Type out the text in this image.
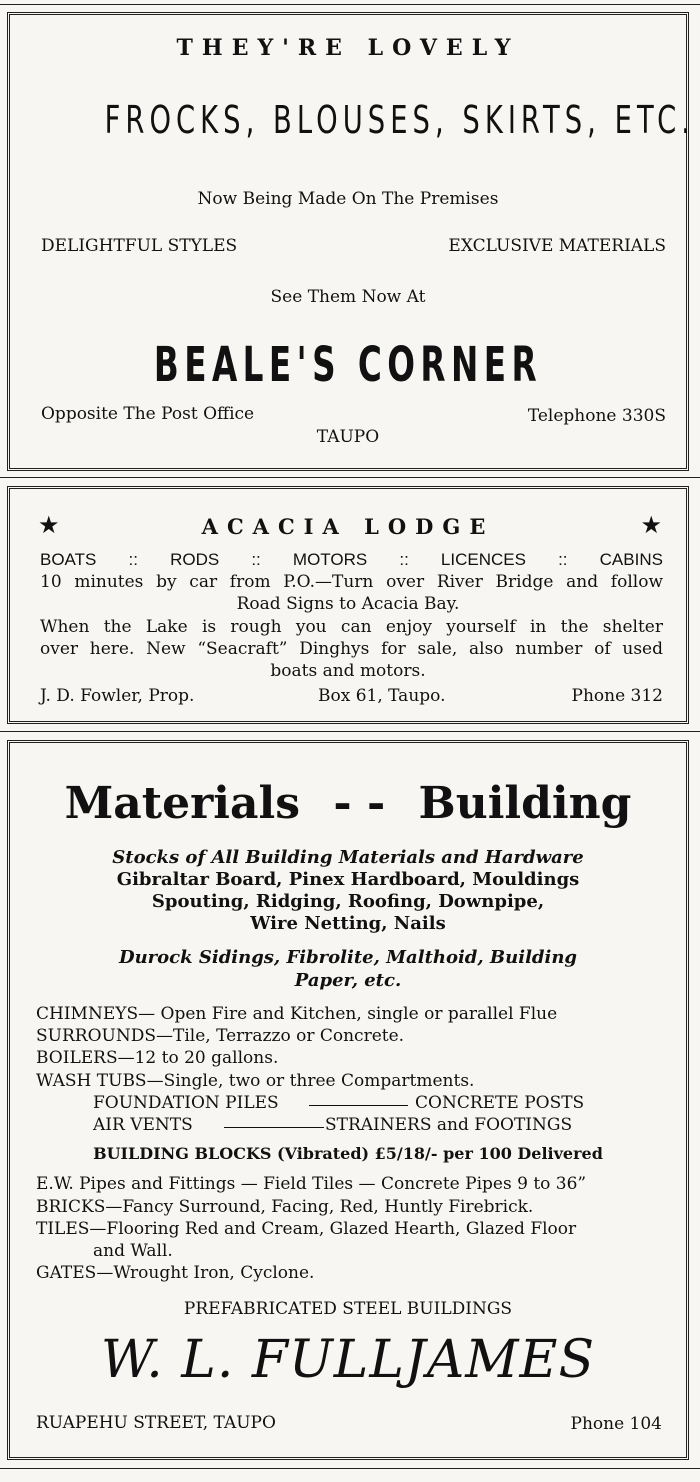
THEY'RE LOVELY
FROCKS, BLOUSES, SKIRTS, ETC.
Now Being Made On The Premises
DELIGHTFUL STYLES	EXCLUSIVE MATERIALS
See Them Now At
BEALE'S CORNER
Opposite The Post Office	Telephone 330S
TAUPO
★	ACACIA LODGE	★
BOATS :: RODS :: MOTORS :: LICENCES :: CABINS
10 minutes by car from P.O.—Turn over River Bridge and follow
Road Signs to Acacia Bay.
When the Lake is rough you can enjoy yourself in the shelter
over here. New “Seacraft” Dinghys for sale, also number of used
boats and motors.
J. D. Fowler, Prop.	Box 61, Taupo.	Phone 312
Materials - - Building
Stocks of All Building Materials and Hardware
Gibraltar Board, Pinex Hardboard, Mouldings
Spouting, Ridging, Roofing, Downpipe,
Wire Netting, Nails
Durock Sidings, Fibrolite, Malthoid, Building
Paper, etc.
CHIMNEYS— Open Fire and Kitchen, single or parallel Flue
SURROUNDS—Tile, Terrazzo or Concrete.
BOILERS—12 to 20 gallons.
WASH TUBS—Single, two or three Compartments.
FOUNDATION PILES	CONCRETE POSTS
AIR VENTS	STRAINERS and FOOTINGS
BUILDING BLOCKS (Vibrated) £5/18/- per 100 Delivered
E.W. Pipes and Fittings — Field Tiles — Concrete Pipes 9 to 36”
BRICKS—Fancy Surround, Facing, Red, Huntly Firebrick.
TILES—Flooring Red and Cream, Glazed Hearth, Glazed Floor
and Wall.
GATES—Wrought Iron, Cyclone.
PREFABRICATED STEEL BUILDINGS
W. L. FULLJAMES
RUAPEHU STREET, TAUPO	Phone 104
